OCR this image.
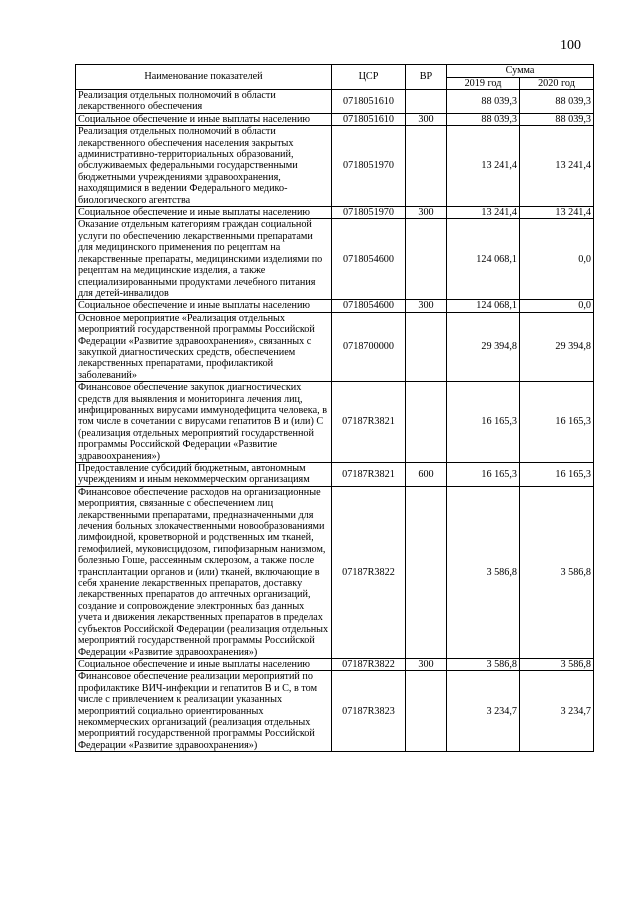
100
Наименование показателей	ЦСР	ВР	Сумма	
			2019 год	2020 год
Реализация отдельных полномочий в области лекарственного обеспечения	0718051610		88 039,3	88 039,3
Социальное обеспечение и иные выплаты населению	0718051610	300	88 039,3	88 039,3
Реализация отдельных полномочий в области лекарственного обеспечения населения закрытых административно-территориальных образований, обслуживаемых федеральными государственными бюджетными учреждениями здравоохранения, находящимися в ведении Федерального медико-биологического агентства	0718051970		13 241,4	13 241,4
Социальное обеспечение и иные выплаты населению	0718051970	300	13 241,4	13 241,4
Оказание отдельным категориям граждан социальной услуги по обеспечению лекарственными препаратами для медицинского применения по рецептам на лекарственные препараты, медицинскими изделиями по рецептам на медицинские изделия, а также специализированными продуктами лечебного питания для детей-инвалидов	0718054600		124 068,1	0,0
Социальное обеспечение и иные выплаты населению	0718054600	300	124 068,1	0,0
Основное мероприятие «Реализация отдельных мероприятий государственной программы Российской Федерации «Развитие здравоохранения», связанных с закупкой диагностических средств, обеспечением лекарственных препаратами, профилактикой заболеваний»	0718700000		29 394,8	29 394,8
Финансовое обеспечение закупок диагностических средств для выявления и мониторинга лечения лиц, инфицированных вирусами иммунодефицита человека, в том числе в сочетании с вирусами гепатитов B и (или) C (реализация отдельных мероприятий государственной программы Российской Федерации «Развитие здравоохранения»)	07187R3821		16 165,3	16 165,3
Предоставление субсидий бюджетным, автономным учреждениям и иным некоммерческим организациям	07187R3821	600	16 165,3	16 165,3
Финансовое обеспечение расходов на организационные мероприятия, связанные с обеспечением лиц лекарственными препаратами, предназначенными для лечения больных злокачественными новообразованиями лимфоидной, кроветворной и родственных им тканей, гемофилией, муковисцидозом, гипофизарным нанизмом, болезнью Гоше, рассеянным склерозом, а также после трансплантации органов и (или) тканей, включающие в себя хранение лекарственных препаратов, доставку лекарственных препаратов до аптечных организаций, создание и сопровождение электронных баз данных учета и движения лекарственных препаратов в пределах субъектов Российской Федерации (реализация отдельных мероприятий государственной программы Российской Федерации «Развитие здравоохранения»)	07187R3822		3 586,8	3 586,8
Социальное обеспечение и иные выплаты населению	07187R3822	300	3 586,8	3 586,8
Финансовое обеспечение реализации мероприятий по профилактике ВИЧ-инфекции и гепатитов B и C, в том числе с привлечением к реализации указанных мероприятий социально ориентированных некоммерческих организаций (реализация отдельных мероприятий государственной программы Российской Федерации «Развитие здравоохранения»)	07187R3823		3 234,7	3 234,7
